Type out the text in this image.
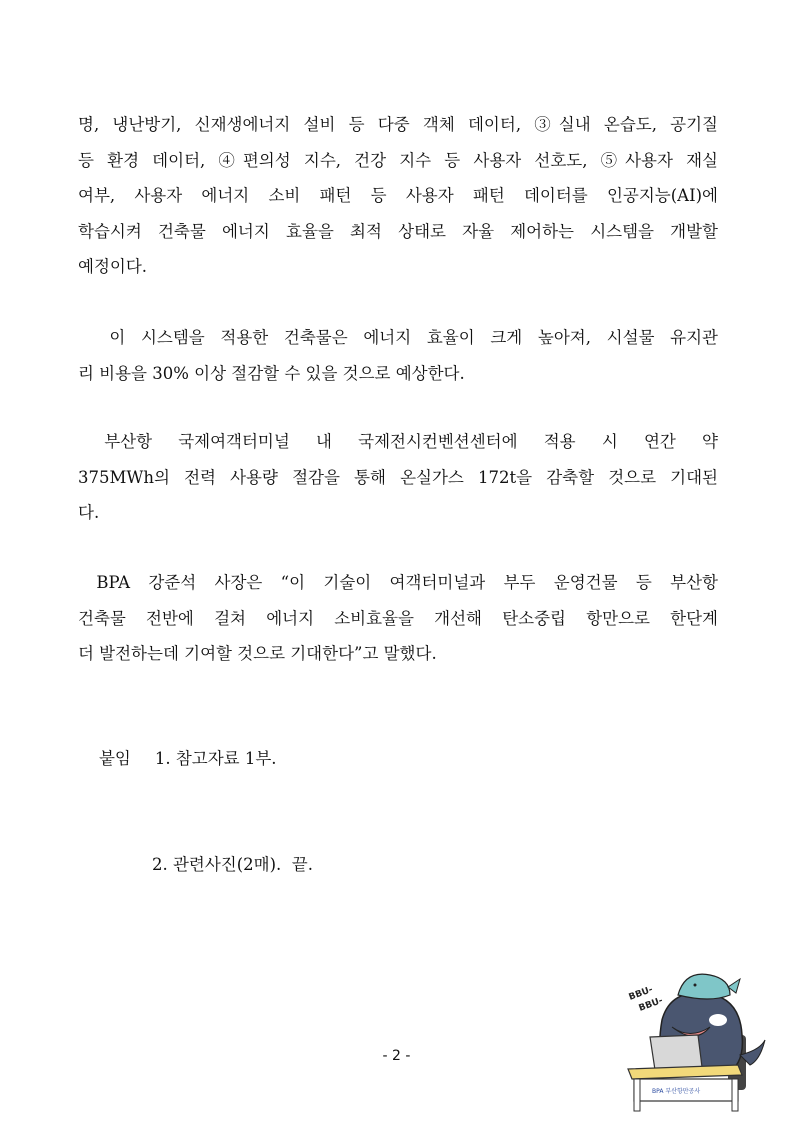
명, 냉난방기, 신재생에너지 설비 등 다중 객체 데이터, ③실내 온습도, 공기질
등 환경 데이터, ④편의성 지수, 건강 지수 등 사용자 선호도, ⑤사용자 재실
여부, 사용자 에너지 소비 패턴 등 사용자 패턴 데이터를 인공지능(AI)에
학습시켜 건축물 에너지 효율을 최적 상태로 자율 제어하는 시스템을 개발할
예정이다.
이 시스템을 적용한 건축물은 에너지 효율이 크게 높아져, 시설물 유지관
리 비용을 30% 이상 절감할 수 있을 것으로 예상한다.
부산항 국제여객터미널 내 국제전시컨벤션센터에 적용 시 연간 약
375MWh의 전력 사용량 절감을 통해 온실가스 172t을 감축할 것으로 기대된
다.
BPA 강준석 사장은 “이 기술이 여객터미널과 부두 운영건물 등 부산항
건축물 전반에 걸쳐 에너지 소비효율을 개선해 탄소중립 항만으로 한단계
더 발전하는데 기여할 것으로 기대한다”고 말했다.

붙임 1. 참고자료 1부.

2. 관련사진(2매).  끝.

- 2 -
BBU-
BBU-
BPA 부산항만공사
